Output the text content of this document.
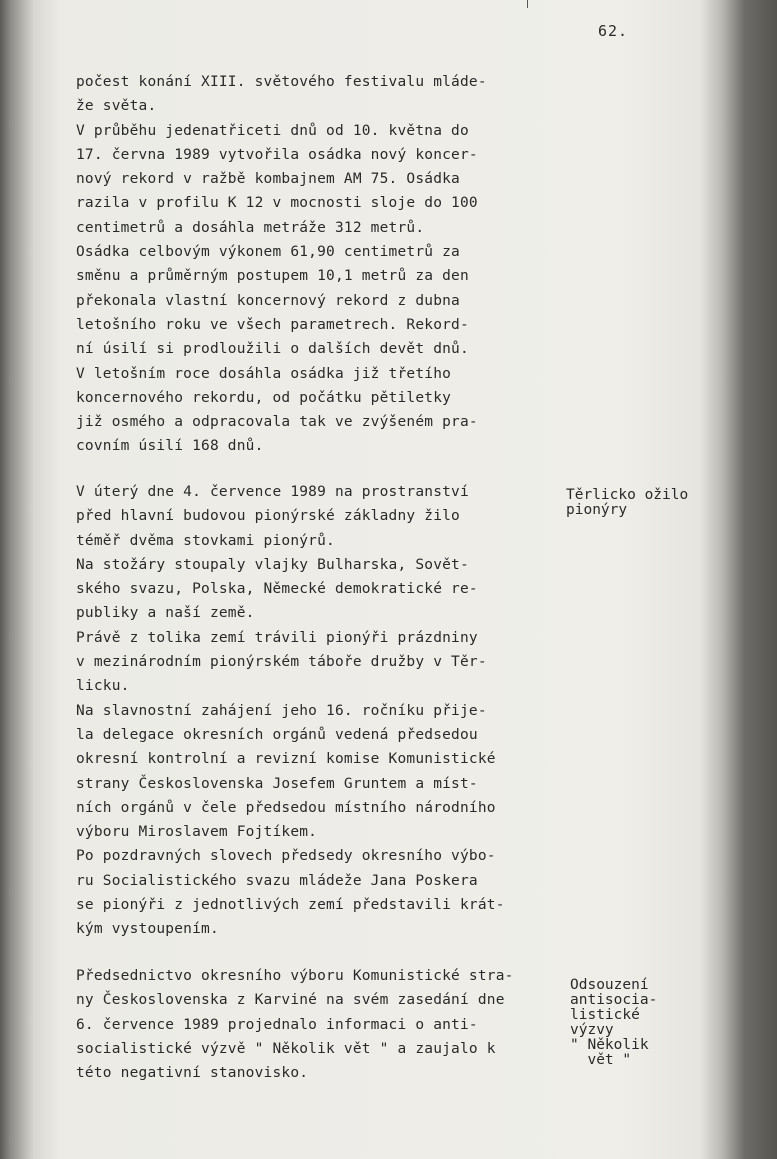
62.
počest konání XIII. světového festivalu mláde-
že světa.
V průběhu jedenatřiceti dnů od 10. května do
17. června 1989 vytvořila osádka nový koncer-
nový rekord v ražbě kombajnem AM 75. Osádka
razila v profilu K 12 v mocnosti sloje do 100
centimetrů a dosáhla metráže 312 metrů.
Osádka celbovým výkonem 61,90 centimetrů za
směnu a průměrným postupem 10,1 metrů za den
překonala vlastní koncernový rekord z dubna
letošního roku ve všech parametrech. Rekord-
ní úsilí si prodloužili o dalších devět dnů.
V letošním roce dosáhla osádka již třetího
koncernového rekordu, od počátku pětiletky
již osmého a odpracovala tak ve zvýšeném pra-
covním úsilí 168 dnů.
V úterý dne 4. července 1989 na prostranství
před hlavní budovou pionýrské základny žilo
téměř dvěma stovkami pionýrů.
Na stožáry stoupaly vlajky Bulharska, Sovět-
ského svazu, Polska, Německé demokratické re-
publiky a naší země.
Právě z tolika zemí trávili pionýři prázdniny
v mezinárodním pionýrském táboře družby v Těr-
licku.
Na slavnostní zahájení jeho 16. ročníku přije-
la delegace okresních orgánů vedená předsedou
okresní kontrolní a revizní komise Komunistické
strany Československa Josefem Gruntem a míst-
ních orgánů v čele předsedou místního národního
výboru Miroslavem Fojtíkem.
Po pozdravných slovech předsedy okresního výbo-
ru Socialistického svazu mládeže Jana Poskera
se pionýři z jednotlivých zemí představili krát-
kým vystoupením.
Těrlicko ožilo
pionýry
Předsednictvo okresního výboru Komunistické stra-
ny Československa z Karviné na svém zasedání dne
6. července 1989 projednalo informaci o anti-
socialistické výzvě " Několik vět " a zaujalo k
této negativní stanovisko.
Odsouzení
antisocia-
listické
výzvy
" Několik
vět "
